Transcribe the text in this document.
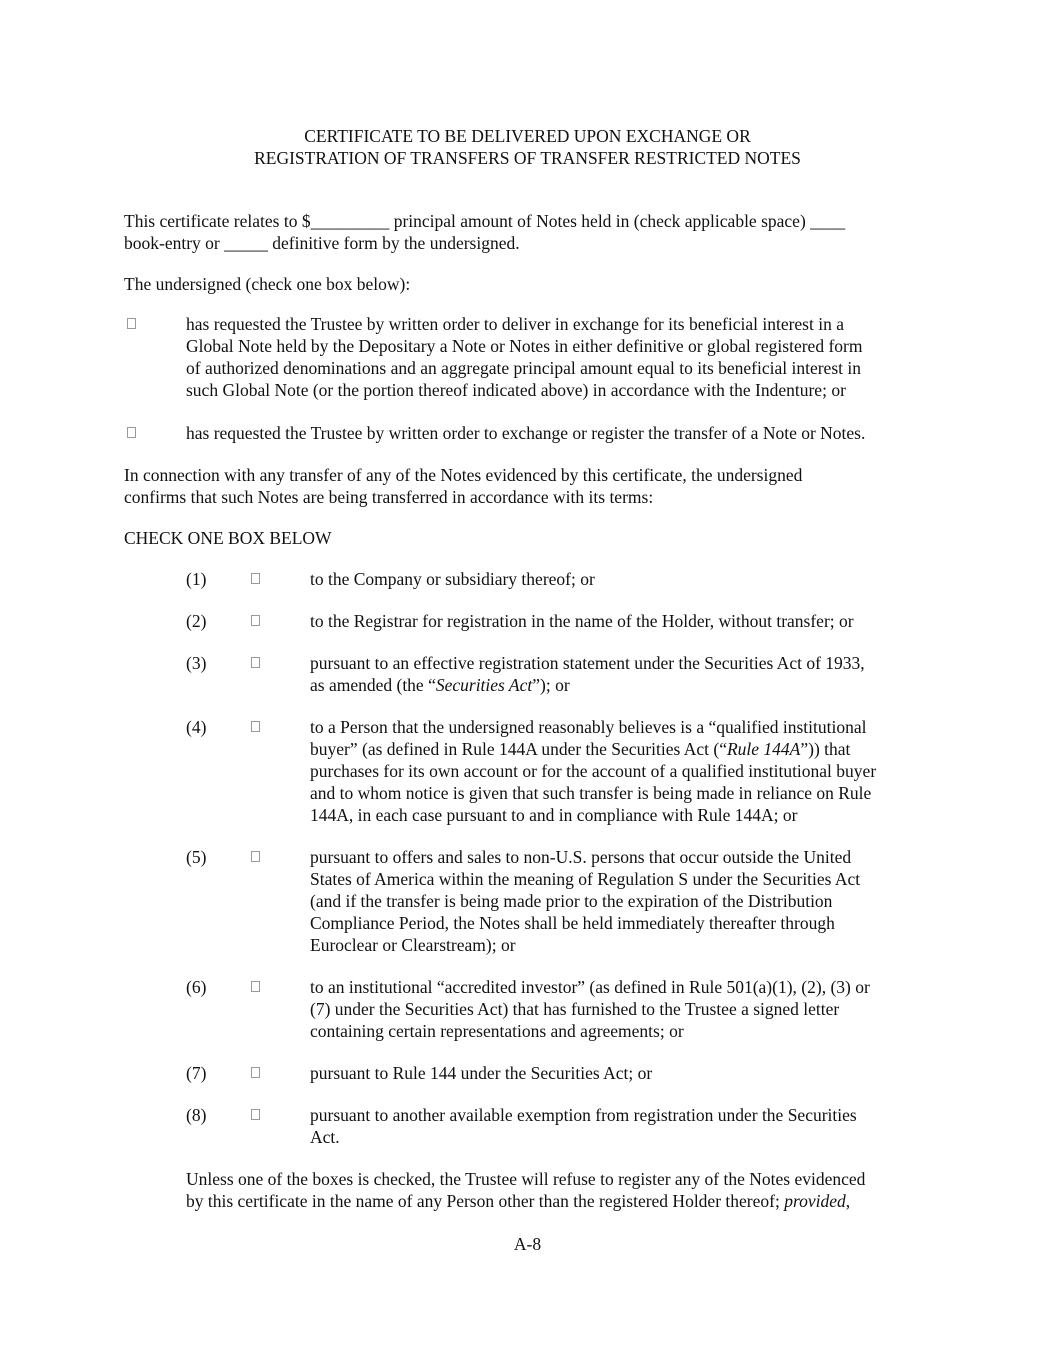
CERTIFICATE TO BE DELIVERED UPON EXCHANGE OR
REGISTRATION OF TRANSFERS OF TRANSFER RESTRICTED NOTES
This certificate relates to $_________ principal amount of Notes held in (check applicable space) ____
book-entry or _____ definitive form by the undersigned.
The undersigned (check one box below):
has requested the Trustee by written order to deliver in exchange for its beneficial interest in a
Global Note held by the Depositary a Note or Notes in either definitive or global registered form
of authorized denominations and an aggregate principal amount equal to its beneficial interest in
such Global Note (or the portion thereof indicated above) in accordance with the Indenture; or
has requested the Trustee by written order to exchange or register the transfer of a Note or Notes.
In connection with any transfer of any of the Notes evidenced by this certificate, the undersigned
confirms that such Notes are being transferred in accordance with its terms:
CHECK ONE BOX BELOW
(1)	to the Company or subsidiary thereof; or
(2)	to the Registrar for registration in the name of the Holder, without transfer; or
(3)	pursuant to an effective registration statement under the Securities Act of 1933,
as amended (the “Securities Act”); or
(4)	to a Person that the undersigned reasonably believes is a “qualified institutional
buyer” (as defined in Rule 144A under the Securities Act (“Rule 144A”)) that
purchases for its own account or for the account of a qualified institutional buyer
and to whom notice is given that such transfer is being made in reliance on Rule
144A, in each case pursuant to and in compliance with Rule 144A; or
(5)	pursuant to offers and sales to non-U.S. persons that occur outside the United
States of America within the meaning of Regulation S under the Securities Act
(and if the transfer is being made prior to the expiration of the Distribution
Compliance Period, the Notes shall be held immediately thereafter through
Euroclear or Clearstream); or
(6)	to an institutional “accredited investor” (as defined in Rule 501(a)(1), (2), (3) or
(7) under the Securities Act) that has furnished to the Trustee a signed letter
containing certain representations and agreements; or
(7)	pursuant to Rule 144 under the Securities Act; or
(8)	pursuant to another available exemption from registration under the Securities
Act.
Unless one of the boxes is checked, the Trustee will refuse to register any of the Notes evidenced
by this certificate in the name of any Person other than the registered Holder thereof; provided,
A-8
